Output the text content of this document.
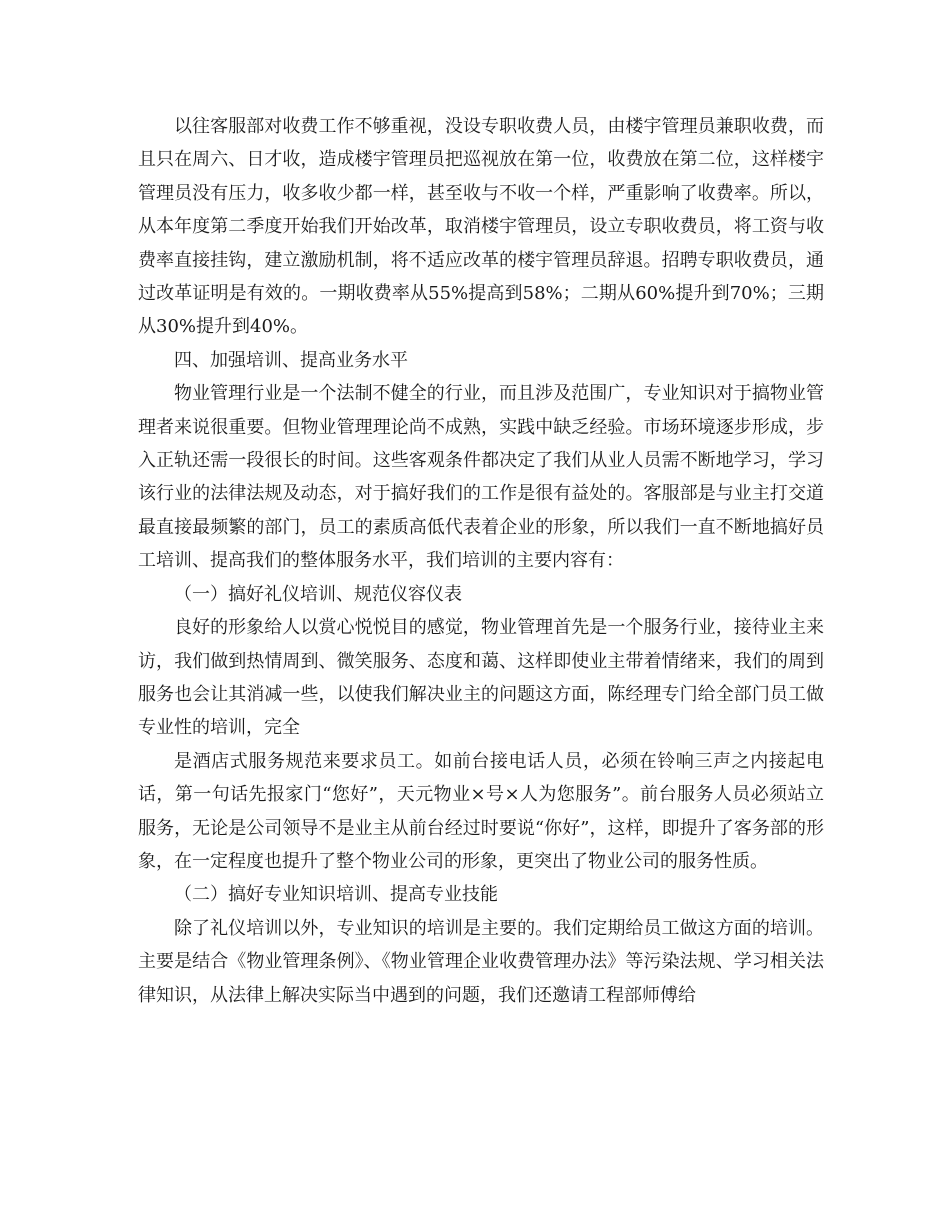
以往客服部对收费工作不够重视，没设专职收费人员，由楼宇管理员兼职收费，而且只在周六、日才收，造成楼宇管理员把巡视放在第一位，收费放在第二位，这样楼宇管理员没有压力，收多收少都一样，甚至收与不收一个样，严重影响了收费率。所以，从本年度第二季度开始我们开始改革，取消楼宇管理员，设立专职收费员，将工资与收费率直接挂钩，建立激励机制，将不适应改革的楼宇管理员辞退。招聘专职收费员，通过改革证明是有效的。一期收费率从55%提高到58%；二期从60%提升到70%；三期从30%提升到40%。

四、加强培训、提高业务水平

物业管理行业是一个法制不健全的行业，而且涉及范围广，专业知识对于搞物业管理者来说很重要。但物业管理理论尚不成熟，实践中缺乏经验。市场环境逐步形成，步入正轨还需一段很长的时间。这些客观条件都决定了我们从业人员需不断地学习，学习该行业的法律法规及动态，对于搞好我们的工作是很有益处的。客服部是与业主打交道最直接最频繁的部门，员工的素质高低代表着企业的形象，所以我们一直不断地搞好员工培训、提高我们的整体服务水平，我们培训的主要内容有：

（一）搞好礼仪培训、规范仪容仪表

良好的形象给人以赏心悦悦目的感觉，物业管理首先是一个服务行业，接待业主来访，我们做到热情周到、微笑服务、态度和蔼、这样即使业主带着情绪来，我们的周到服务也会让其消减一些，以使我们解决业主的问题这方面，陈经理专门给全部门员工做专业性的培训，完全

是酒店式服务规范来要求员工。如前台接电话人员，必须在铃响三声之内接起电话，第一句话先报家门“您好”，天元物业×号×人为您服务”。前台服务人员必须站立服务，无论是公司领导不是业主从前台经过时要说“你好”，这样，即提升了客务部的形象，在一定程度也提升了整个物业公司的形象，更突出了物业公司的服务性质。

（二）搞好专业知识培训、提高专业技能

除了礼仪培训以外，专业知识的培训是主要的。我们定期给员工做这方面的培训。主要是结合《物业管理条例》、《物业管理企业收费管理办法》等污染法规、学习相关法律知识，从法律上解决实际当中遇到的问题，我们还邀请工程部师傅给
